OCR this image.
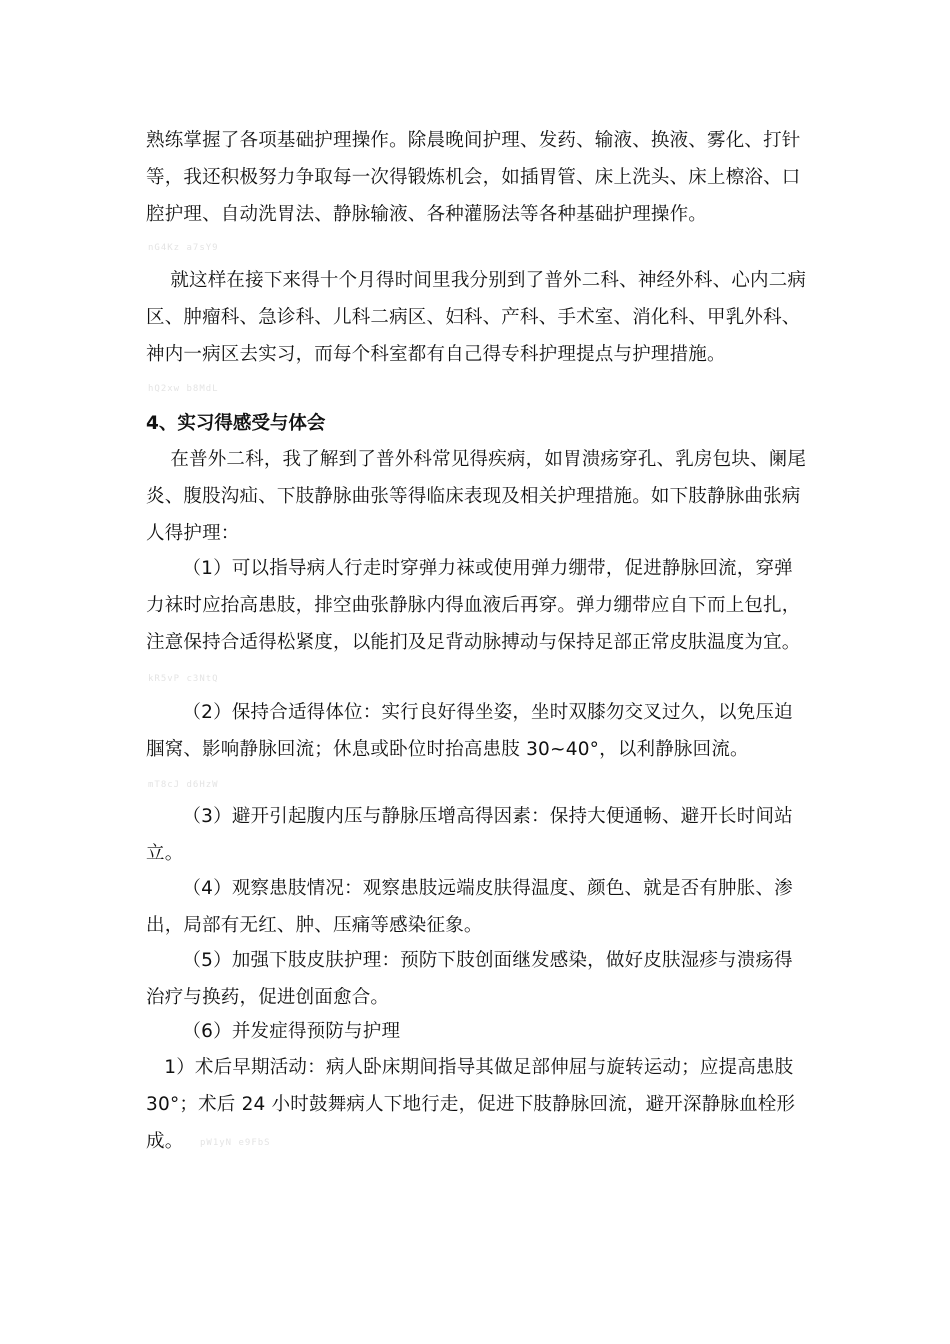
熟练掌握了各项基础护理操作。除晨晚间护理、发药、输液、换液、雾化、打针等，我还积极努力争取每一次得锻炼机会，如插胃管、床上洗头、床上檫浴、口腔护理、自动洗胃法、静脉输液、各种灌肠法等各种基础护理操作。
nG4Kz a7sY9
就这样在接下来得十个月得时间里我分别到了普外二科、神经外科、心内二病区、肿瘤科、急诊科、儿科二病区、妇科、产科、手术室、消化科、甲乳外科、神内一病区去实习，而每个科室都有自己得专科护理提点与护理措施。
hQ2xw b8MdL
4、实习得感受与体会
在普外二科，我了解到了普外科常见得疾病，如胃溃疡穿孔、乳房包块、阑尾炎、腹股沟疝、下肢静脉曲张等得临床表现及相关护理措施。如下肢静脉曲张病人得护理：
（1）可以指导病人行走时穿弹力袜或使用弹力绷带，促进静脉回流，穿弹力袜时应抬高患肢，排空曲张静脉内得血液后再穿。弹力绷带应自下而上包扎，注意保持合适得松紧度，以能扪及足背动脉搏动与保持足部正常皮肤温度为宜。
kR5vP c3NtQ
（2）保持合适得体位：实行良好得坐姿，坐时双膝勿交叉过久，以免压迫腘窝、影响静脉回流；休息或卧位时抬高患肢 30~40°，以利静脉回流。
mT8cJ d6HzW
（3）避开引起腹内压与静脉压增高得因素：保持大便通畅、避开长时间站立。
（4）观察患肢情况：观察患肢远端皮肤得温度、颜色、就是否有肿胀、渗出，局部有无红、肿、压痛等感染征象。
（5）加强下肢皮肤护理：预防下肢创面继发感染，做好皮肤湿疹与溃疡得治疗与换药，促进创面愈合。
（6）并发症得预防与护理
1）术后早期活动：病人卧床期间指导其做足部伸屈与旋转运动；应提高患肢 30°；术后 24 小时鼓舞病人下地行走，促进下肢静脉回流，避开深静脉血栓形成。	pW1yN e9FbS
